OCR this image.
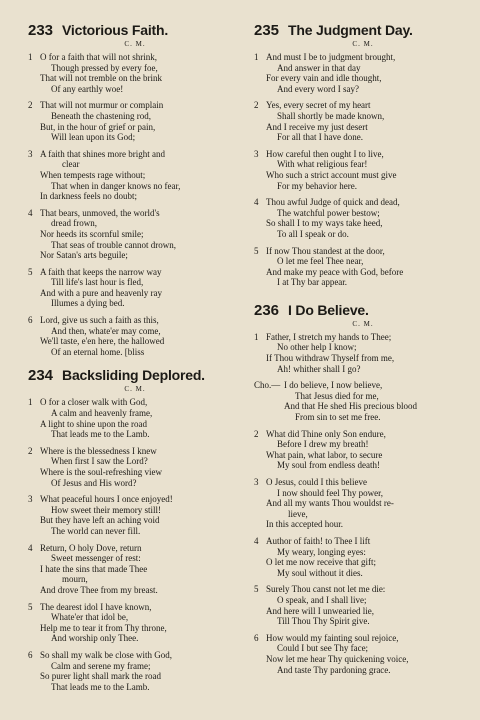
233 Victorious Faith.
C. M.
1 O for a faith that will not shrink,
Though pressed by every foe,
That will not tremble on the brink
Of any earthly woe!
2 That will not murmur or complain
Beneath the chastening rod,
But, in the hour of grief or pain,
Will lean upon its God;
3 A faith that shines more bright and
clear
When tempests rage without;
That when in danger knows no fear,
In darkness feels no doubt;
4 That bears, unmoved, the world's
dread frown,
Nor heeds its scornful smile;
That seas of trouble cannot drown,
Nor Satan's arts beguile;
5 A faith that keeps the narrow way
Till life's last hour is fled,
And with a pure and heavenly ray
Illumes a dying bed.
6 Lord, give us such a faith as this,
And then, whate'er may come,
We'll taste, e'en here, the hallowed
Of an eternal home. [bliss
234 Backsliding Deplored.
C. M.
1 O for a closer walk with God,
A calm and heavenly frame,
A light to shine upon the road
That leads me to the Lamb.
2 Where is the blessedness I knew
When first I saw the Lord?
Where is the soul-refreshing view
Of Jesus and His word?
3 What peaceful hours I once enjoyed!
How sweet their memory still!
But they have left an aching void
The world can never fill.
4 Return, O holy Dove, return
Sweet messenger of rest:
I hate the sins that made Thee
mourn,
And drove Thee from my breast.
5 The dearest idol I have known,
Whate'er that idol be,
Help me to tear it from Thy throne,
And worship only Thee.
6 So shall my walk be close with God,
Calm and serene my frame;
So purer light shall mark the road
That leads me to the Lamb.
235 The Judgment Day.
C. M.
1 And must I be to judgment brought,
And answer in that day
For every vain and idle thought,
And every word I say?
2 Yes, every secret of my heart
Shall shortly be made known,
And I receive my just desert
For all that I have done.
3 How careful then ought I to live,
With what religious fear!
Who such a strict account must give
For my behavior here.
4 Thou awful Judge of quick and dead,
The watchful power bestow;
So shall I to my ways take heed,
To all I speak or do.
5 If now Thou standest at the door,
O let me feel Thee near,
And make my peace with God, before
I at Thy bar appear.
236 I Do Believe.
C. M.
1 Father, I stretch my hands to Thee;
No other help I know;
If Thou withdraw Thyself from me,
Ah! whither shall I go?
Cho.— I do believe, I now believe,
That Jesus died for me,
And that He shed His precious blood
From sin to set me free.
2 What did Thine only Son endure,
Before I drew my breath!
What pain, what labor, to secure
My soul from endless death!
3 O Jesus, could I this believe
I now should feel Thy power,
And all my wants Thou wouldst re-
lieve,
In this accepted hour.
4 Author of faith! to Thee I lift
My weary, longing eyes:
O let me now receive that gift;
My soul without it dies.
5 Surely Thou canst not let me die:
O speak, and I shall live;
And here will I unwearied lie,
Till Thou Thy Spirit give.
6 How would my fainting soul rejoice,
Could I but see Thy face;
Now let me hear Thy quickening voice,
And taste Thy pardoning grace.
